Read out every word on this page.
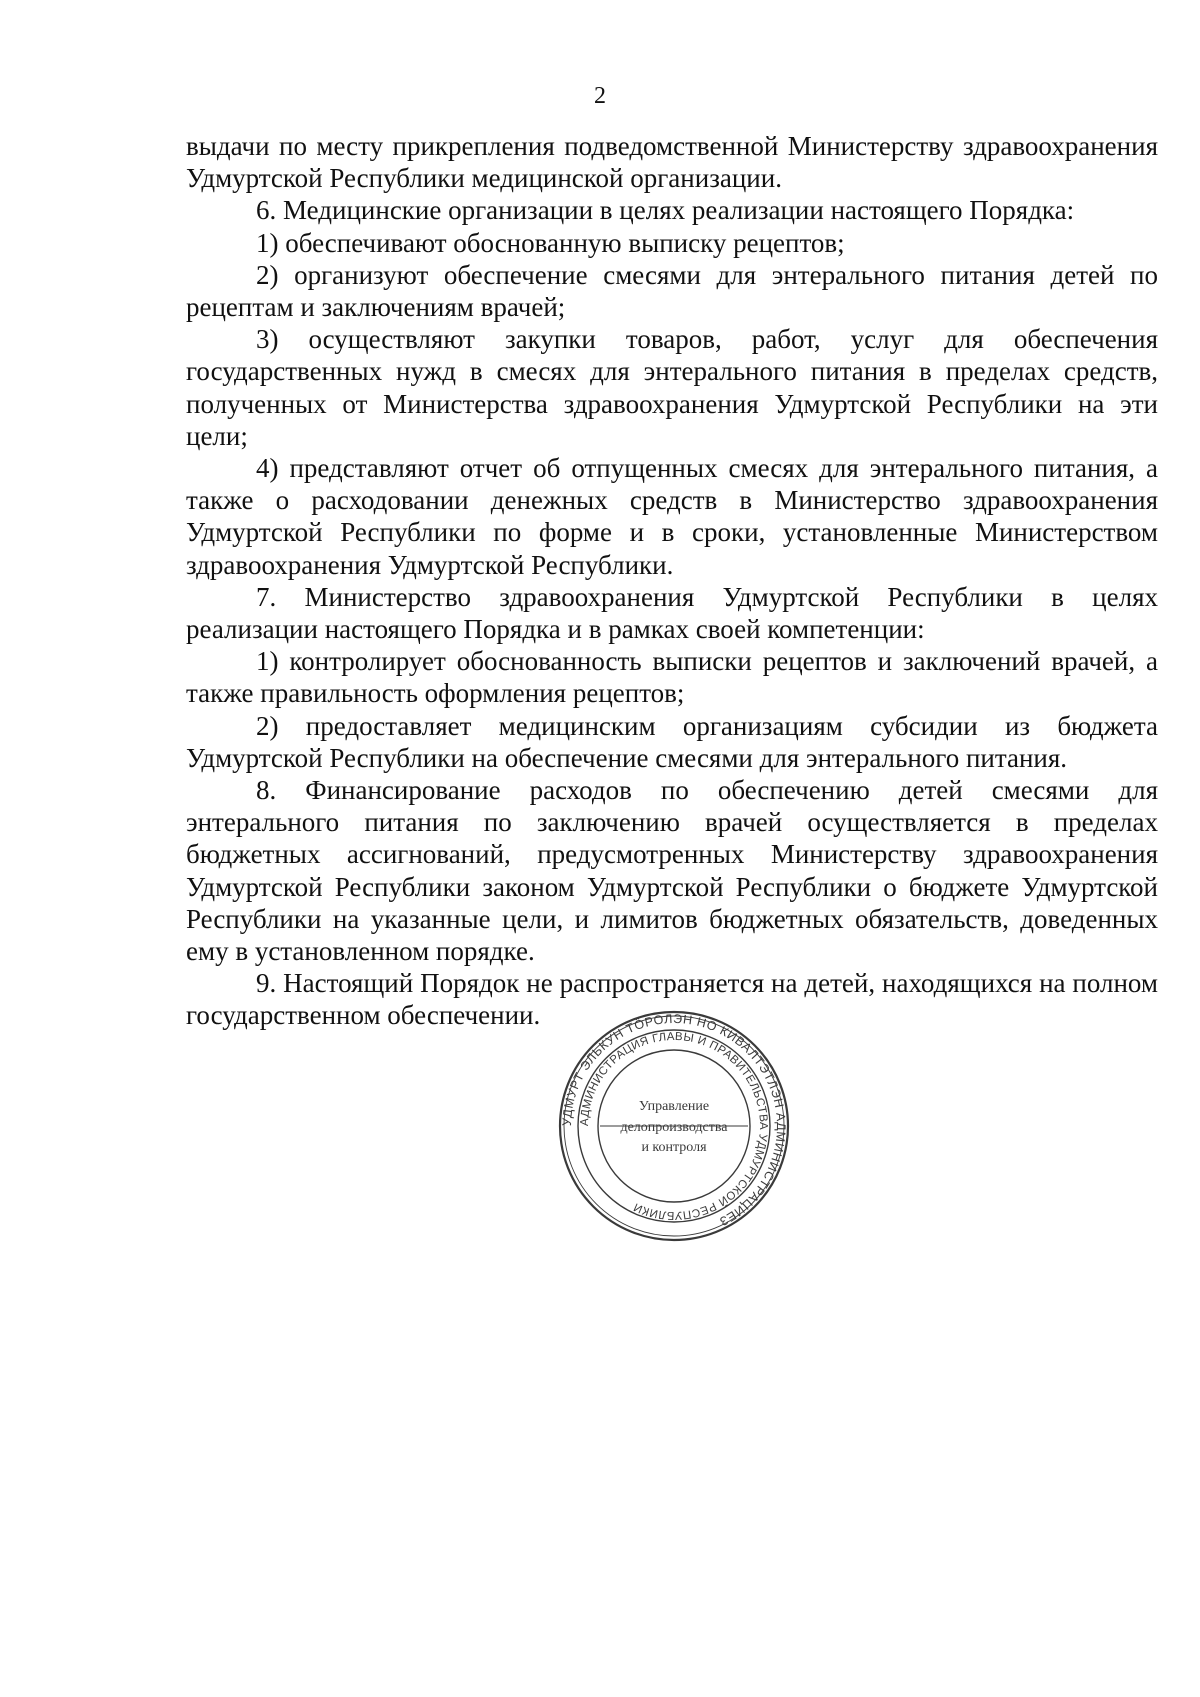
2

выдачи по месту прикрепления подведомственной Министерству здравоохранения Удмуртской Республики медицинской организации.

6. Медицинские организации в целях реализации настоящего Порядка:

1) обеспечивают обоснованную выписку рецептов;

2) организуют обеспечение смесями для энтерального питания детей по рецептам и заключениям врачей;

3) осуществляют закупки товаров, работ, услуг для обеспечения государственных нужд в смесях для энтерального питания в пределах средств, полученных от Министерства здравоохранения Удмуртской Республики на эти цели;

4) представляют отчет об отпущенных смесях для энтерального питания, а также о расходовании денежных средств в Министерство здравоохранения Удмуртской Республики по форме и в сроки, установленные Министерством здравоохранения Удмуртской Республики.

7. Министерство здравоохранения Удмуртской Республики в целях реализации настоящего Порядка и в рамках своей компетенции:

1) контролирует обоснованность выписки рецептов и заключений врачей, а также правильность оформления рецептов;

2) предоставляет медицинским организациям субсидии из бюджета Удмуртской Республики на обеспечение смесями для энтерального питания.

8. Финансирование расходов по обеспечению детей смесями для энтерального питания по заключению врачей осуществляется в пределах бюджетных ассигнований, предусмотренных Министерству здравоохранения Удмуртской Республики законом Удмуртской Республики о бюджете Удмуртской Республики на указанные цели, и лимитов бюджетных обязательств, доведенных ему в установленном порядке.

9. Настоящий Порядок не распространяется на детей, находящихся на полном государственном обеспечении.

УДМУРТ ЭЛЬКУН ТӦРОЛЭН НО КИВАЛТЭТЛЭН АДМИНИСТРАЦИЕЗ
АДМИНИСТРАЦИЯ ГЛАВЫ И ПРАВИТЕЛЬСТВА УДМУРТСКОЙ РЕСПУБЛИКИ
Управление
делопроизводства
и контроля
